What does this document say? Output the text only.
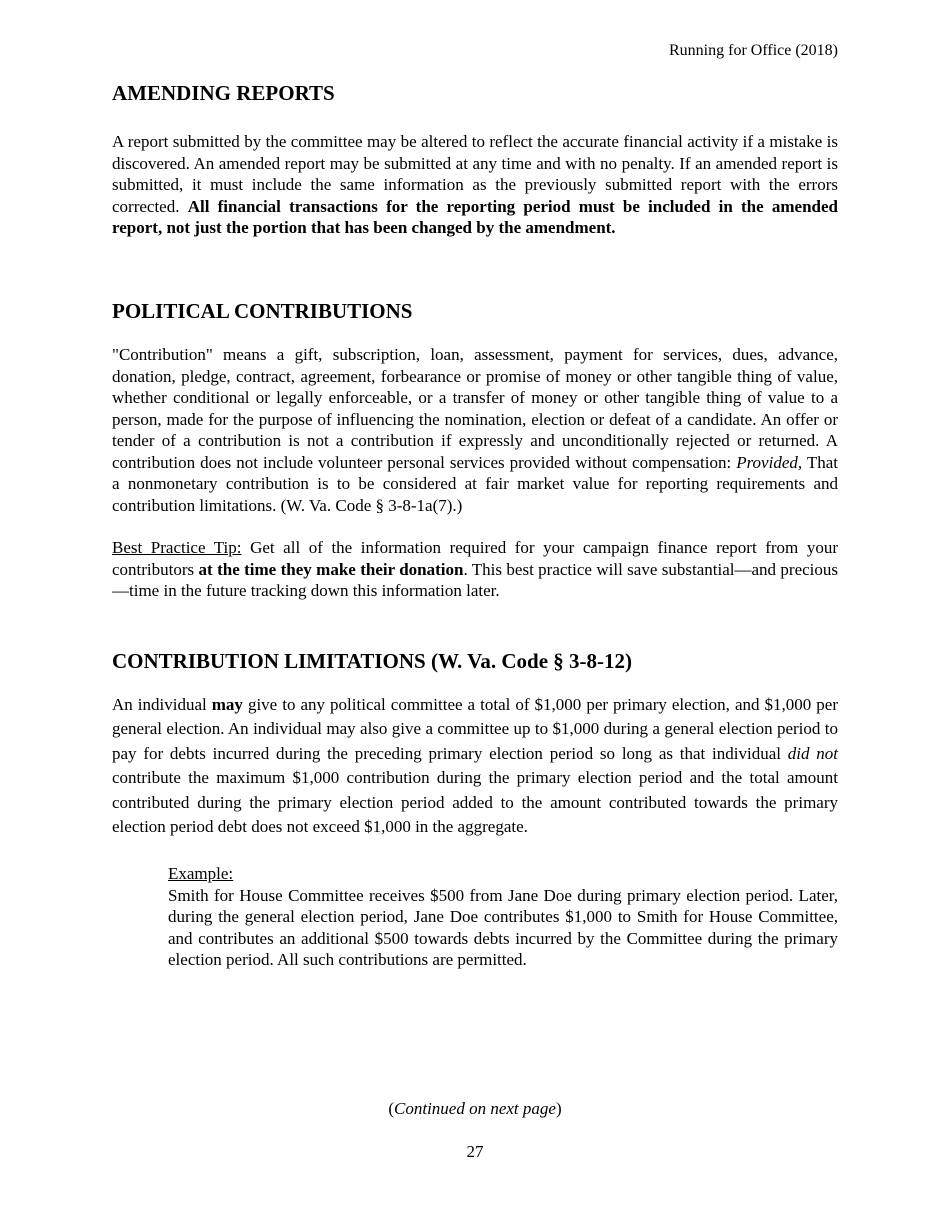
Running for Office (2018)
AMENDING REPORTS

A report submitted by the committee may be altered to reflect the accurate financial activity if a mistake is discovered. An amended report may be submitted at any time and with no penalty. If an amended report is submitted, it must include the same information as the previously submitted report with the errors corrected. All financial transactions for the reporting period must be included in the amended report, not just the portion that has been changed by the amendment.

POLITICAL CONTRIBUTIONS

"Contribution" means a gift, subscription, loan, assessment, payment for services, dues, advance, donation, pledge, contract, agreement, forbearance or promise of money or other tangible thing of value, whether conditional or legally enforceable, or a transfer of money or other tangible thing of value to a person, made for the purpose of influencing the nomination, election or defeat of a candidate. An offer or tender of a contribution is not a contribution if expressly and unconditionally rejected or returned. A contribution does not include volunteer personal services provided without compensation: Provided, That a nonmonetary contribution is to be considered at fair market value for reporting requirements and contribution limitations. (W. Va. Code § 3-8-1a(7).)

Best Practice Tip: Get all of the information required for your campaign finance report from your contributors at the time they make their donation. This best practice will save substantial—and precious—time in the future tracking down this information later.

CONTRIBUTION LIMITATIONS (W. Va. Code § 3-8-12)

An individual may give to any political committee a total of $1,000 per primary election, and $1,000 per general election. An individual may also give a committee up to $1,000 during a general election period to pay for debts incurred during the preceding primary election period so long as that individual did not contribute the maximum $1,000 contribution during the primary election period and the total amount contributed during the primary election period added to the amount contributed towards the primary election period debt does not exceed $1,000 in the aggregate.

Example:
Smith for House Committee receives $500 from Jane Doe during primary election period. Later, during the general election period, Jane Doe contributes $1,000 to Smith for House Committee, and contributes an additional $500 towards debts incurred by the Committee during the primary election period. All such contributions are permitted.
(Continued on next page)
27
